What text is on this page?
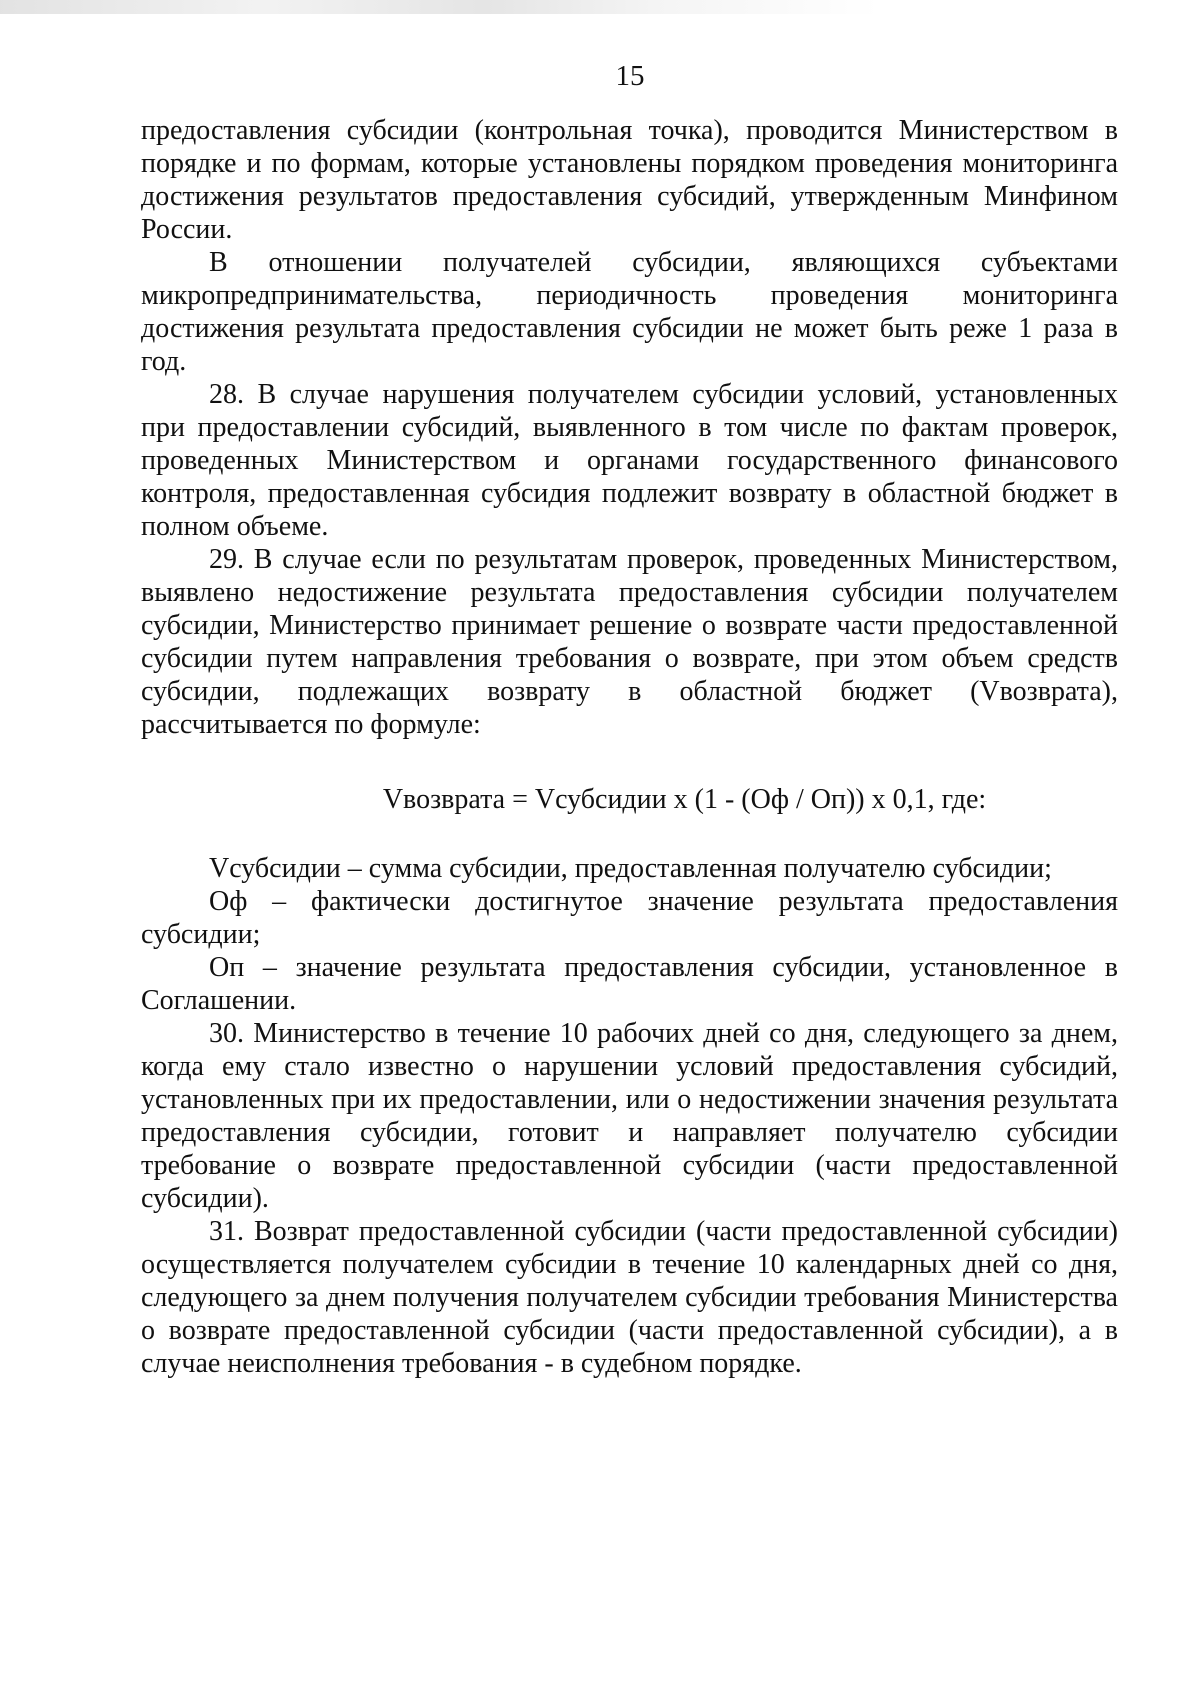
15

предоставления субсидии (контрольная точка), проводится Министерством в порядке и по формам, которые установлены порядком проведения мониторинга достижения результатов предоставления субсидий, утвержденным Минфином России.

В отношении получателей субсидии, являющихся субъектами микропредпринимательства, периодичность проведения мониторинга достижения результата предоставления субсидии не может быть реже 1 раза в год.

28. В случае нарушения получателем субсидии условий, установленных при предоставлении субсидий, выявленного в том числе по фактам проверок, проведенных Министерством и органами государственного финансового контроля, предоставленная субсидия подлежит возврату в областной бюджет в полном объеме.

29. В случае если по результатам проверок, проведенных Министерством, выявлено недостижение результата предоставления субсидии получателем субсидии, Министерство принимает решение о возврате части предоставленной субсидии путем направления требования о возврате, при этом объем средств субсидии, подлежащих возврату в областной бюджет (Vвозврата), рассчитывается по формуле:

Vвозврата = Vсубсидии x (1 - (Оф / Оп)) x 0,1, где:

Vсубсидии – сумма субсидии, предоставленная получателю субсидии;

Оф – фактически достигнутое значение результата предоставления субсидии;

Оп – значение результата предоставления субсидии, установленное в Соглашении.

30. Министерство в течение 10 рабочих дней со дня, следующего за днем, когда ему стало известно о нарушении условий предоставления субсидий, установленных при их предоставлении, или о недостижении значения результата предоставления субсидии, готовит и направляет получателю субсидии требование о возврате предоставленной субсидии (части предоставленной субсидии).

31. Возврат предоставленной субсидии (части предоставленной субсидии) осуществляется получателем субсидии в течение 10 календарных дней со дня, следующего за днем получения получателем субсидии требования Министерства о возврате предоставленной субсидии (части предоставленной субсидии), а в случае неисполнения требования - в судебном порядке.
